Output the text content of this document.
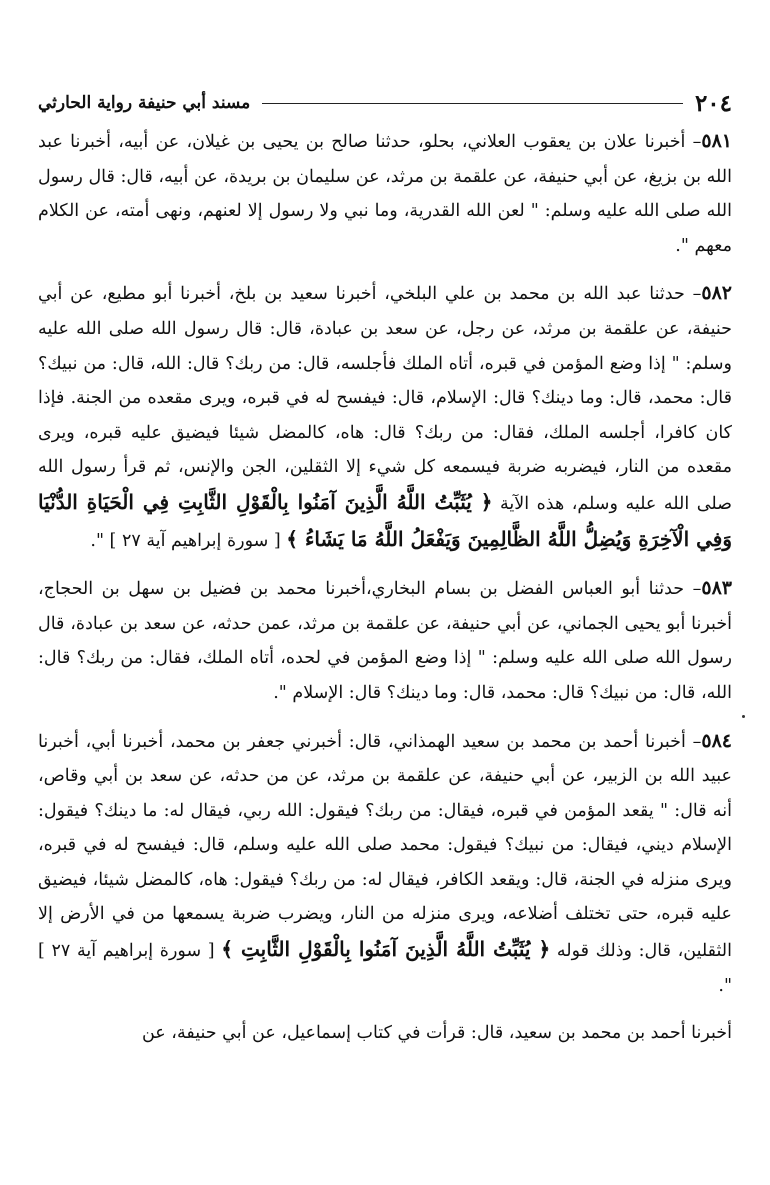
٢٠٤
مسند أبي حنيفة رواية الحارثي

٥٨١– أخبرنا علان بن يعقوب العلاني، بحلو، حدثنا صالح بن يحيى بن غيلان، عن أبيه، أخبرنا عبد الله بن بزيغ، عن أبي حنيفة، عن علقمة بن مرثد، عن سليمان بن بريدة، عن أبيه، قال: قال رسول الله صلى الله عليه وسلم: " لعن الله القدرية، وما نبي ولا رسول إلا لعنهم، ونهى أمته، عن الكلام معهم ".

٥٨٢– حدثنا عبد الله بن محمد بن علي البلخي، أخبرنا سعيد بن بلخ، أخبرنا أبو مطيع، عن أبي حنيفة، عن علقمة بن مرثد، عن رجل، عن سعد بن عبادة، قال: قال رسول الله صلى الله عليه وسلم: " إذا وضع المؤمن في قبره، أتاه الملك فأجلسه، قال: من ربك؟ قال: الله، قال: من نبيك؟ قال: محمد، قال: وما دينك؟ قال: الإسلام، قال: فيفسح له في قبره، ويرى مقعده من الجنة. فإذا كان كافرا، أجلسه الملك، فقال: من ربك؟ قال: هاه، كالمضل شيئا فيضيق عليه قبره، ويرى مقعده من النار، فيضربه ضربة فيسمعه كل شيء إلا الثقلين، الجن والإنس، ثم قرأ رسول الله صلى الله عليه وسلم، هذه الآية ﴿ يُثَبِّتُ اللَّهُ الَّذِينَ آمَنُوا بِالْقَوْلِ الثَّابِتِ فِي الْحَيَاةِ الدُّنْيَا وَفِي الْآخِرَةِ وَيُضِلُّ اللَّهُ الظَّالِمِينَ وَيَفْعَلُ اللَّهُ مَا يَشَاءُ ﴾ [ سورة إبراهيم آية ٢٧ ] ".

٥٨٣– حدثنا أبو العباس الفضل بن بسام البخاري،أخبرنا محمد بن فضيل بن سهل بن الحجاج، أخبرنا أبو يحيى الجماني، عن أبي حنيفة، عن علقمة بن مرثد، عمن حدثه، عن سعد بن عبادة، قال رسول الله صلى الله عليه وسلم: " إذا وضع المؤمن في لحده، أتاه الملك، فقال: من ربك؟ قال: الله، قال: من نبيك؟ قال: محمد، قال: وما دينك؟ قال: الإسلام ".

٥٨٤– أخبرنا أحمد بن محمد بن سعيد الهمذاني، قال: أخبرني جعفر بن محمد، أخبرنا أبي، أخبرنا عبيد الله بن الزبير، عن أبي حنيفة، عن علقمة بن مرثد، عن من حدثه، عن سعد بن أبي وقاص، أنه قال: " يقعد المؤمن في قبره، فيقال: من ربك؟ فيقول: الله ربي، فيقال له: ما دينك؟ فيقول: الإسلام ديني، فيقال: من نبيك؟ فيقول: محمد صلى الله عليه وسلم، قال: فيفسح له في قبره، ويرى منزله في الجنة، قال: ويقعد الكافر، فيقال له: من ربك؟ فيقول: هاه، كالمضل شيئا، فيضيق عليه قبره، حتى تختلف أضلاعه، ويرى منزله من النار، ويضرب ضربة يسمعها من في الأرض إلا الثقلين، قال: وذلك قوله ﴿ يُثَبِّتُ اللَّهُ الَّذِينَ آمَنُوا بِالْقَوْلِ الثَّابِتِ ﴾ [ سورة إبراهيم آية ٢٧ ] ".

أخبرنا أحمد بن محمد بن سعيد، قال: قرأت في كتاب إسماعيل، عن أبي حنيفة، عن
